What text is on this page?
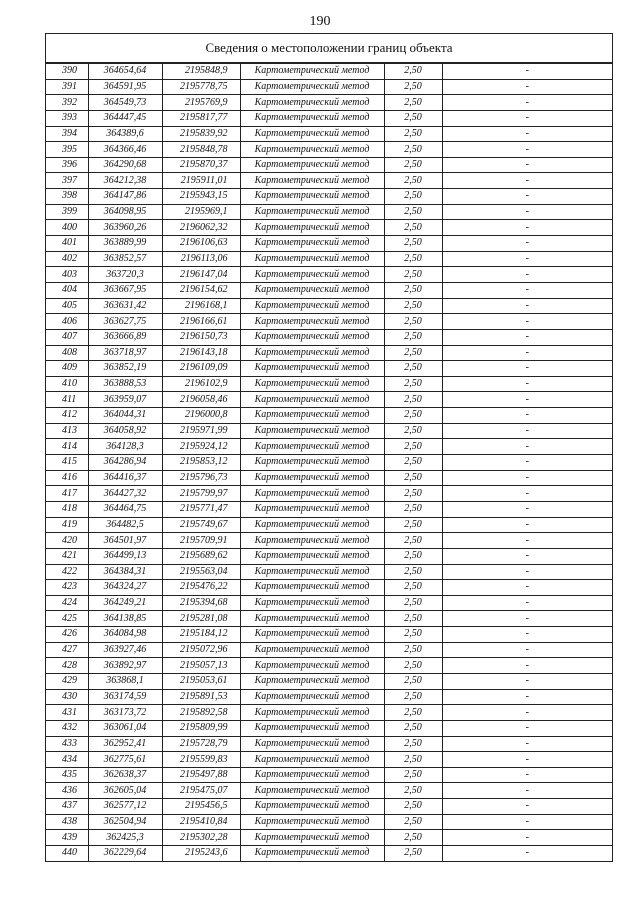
190
Сведения о местоположении границ объекта
390	364654,64	2195848,9	Картометрический метод	2,50	-
391	364591,95	2195778,75	Картометрический метод	2,50	-
392	364549,73	2195769,9	Картометрический метод	2,50	-
393	364447,45	2195817,77	Картометрический метод	2,50	-
394	364389,6	2195839,92	Картометрический метод	2,50	-
395	364366,46	2195848,78	Картометрический метод	2,50	-
396	364290,68	2195870,37	Картометрический метод	2,50	-
397	364212,38	2195911,01	Картометрический метод	2,50	-
398	364147,86	2195943,15	Картометрический метод	2,50	-
399	364098,95	2195969,1	Картометрический метод	2,50	-
400	363960,26	2196062,32	Картометрический метод	2,50	-
401	363889,99	2196106,63	Картометрический метод	2,50	-
402	363852,57	2196113,06	Картометрический метод	2,50	-
403	363720,3	2196147,04	Картометрический метод	2,50	-
404	363667,95	2196154,62	Картометрический метод	2,50	-
405	363631,42	2196168,1	Картометрический метод	2,50	-
406	363627,75	2196166,61	Картометрический метод	2,50	-
407	363666,89	2196150,73	Картометрический метод	2,50	-
408	363718,97	2196143,18	Картометрический метод	2,50	-
409	363852,19	2196109,09	Картометрический метод	2,50	-
410	363888,53	2196102,9	Картометрический метод	2,50	-
411	363959,07	2196058,46	Картометрический метод	2,50	-
412	364044,31	2196000,8	Картометрический метод	2,50	-
413	364058,92	2195971,99	Картометрический метод	2,50	-
414	364128,3	2195924,12	Картометрический метод	2,50	-
415	364286,94	2195853,12	Картометрический метод	2,50	-
416	364416,37	2195796,73	Картометрический метод	2,50	-
417	364427,32	2195799,97	Картометрический метод	2,50	-
418	364464,75	2195771,47	Картометрический метод	2,50	-
419	364482,5	2195749,67	Картометрический метод	2,50	-
420	364501,97	2195709,91	Картометрический метод	2,50	-
421	364499,13	2195689,62	Картометрический метод	2,50	-
422	364384,31	2195563,04	Картометрический метод	2,50	-
423	364324,27	2195476,22	Картометрический метод	2,50	-
424	364249,21	2195394,68	Картометрический метод	2,50	-
425	364138,85	2195281,08	Картометрический метод	2,50	-
426	364084,98	2195184,12	Картометрический метод	2,50	-
427	363927,46	2195072,96	Картометрический метод	2,50	-
428	363892,97	2195057,13	Картометрический метод	2,50	-
429	363868,1	2195053,61	Картометрический метод	2,50	-
430	363174,59	2195891,53	Картометрический метод	2,50	-
431	363173,72	2195892,58	Картометрический метод	2,50	-
432	363061,04	2195809,99	Картометрический метод	2,50	-
433	362952,41	2195728,79	Картометрический метод	2,50	-
434	362775,61	2195599,83	Картометрический метод	2,50	-
435	362638,37	2195497,88	Картометрический метод	2,50	-
436	362605,04	2195475,07	Картометрический метод	2,50	-
437	362577,12	2195456,5	Картометрический метод	2,50	-
438	362504,94	2195410,84	Картометрический метод	2,50	-
439	362425,3	2195302,28	Картометрический метод	2,50	-
440	362229,64	2195243,6	Картометрический метод	2,50	-
